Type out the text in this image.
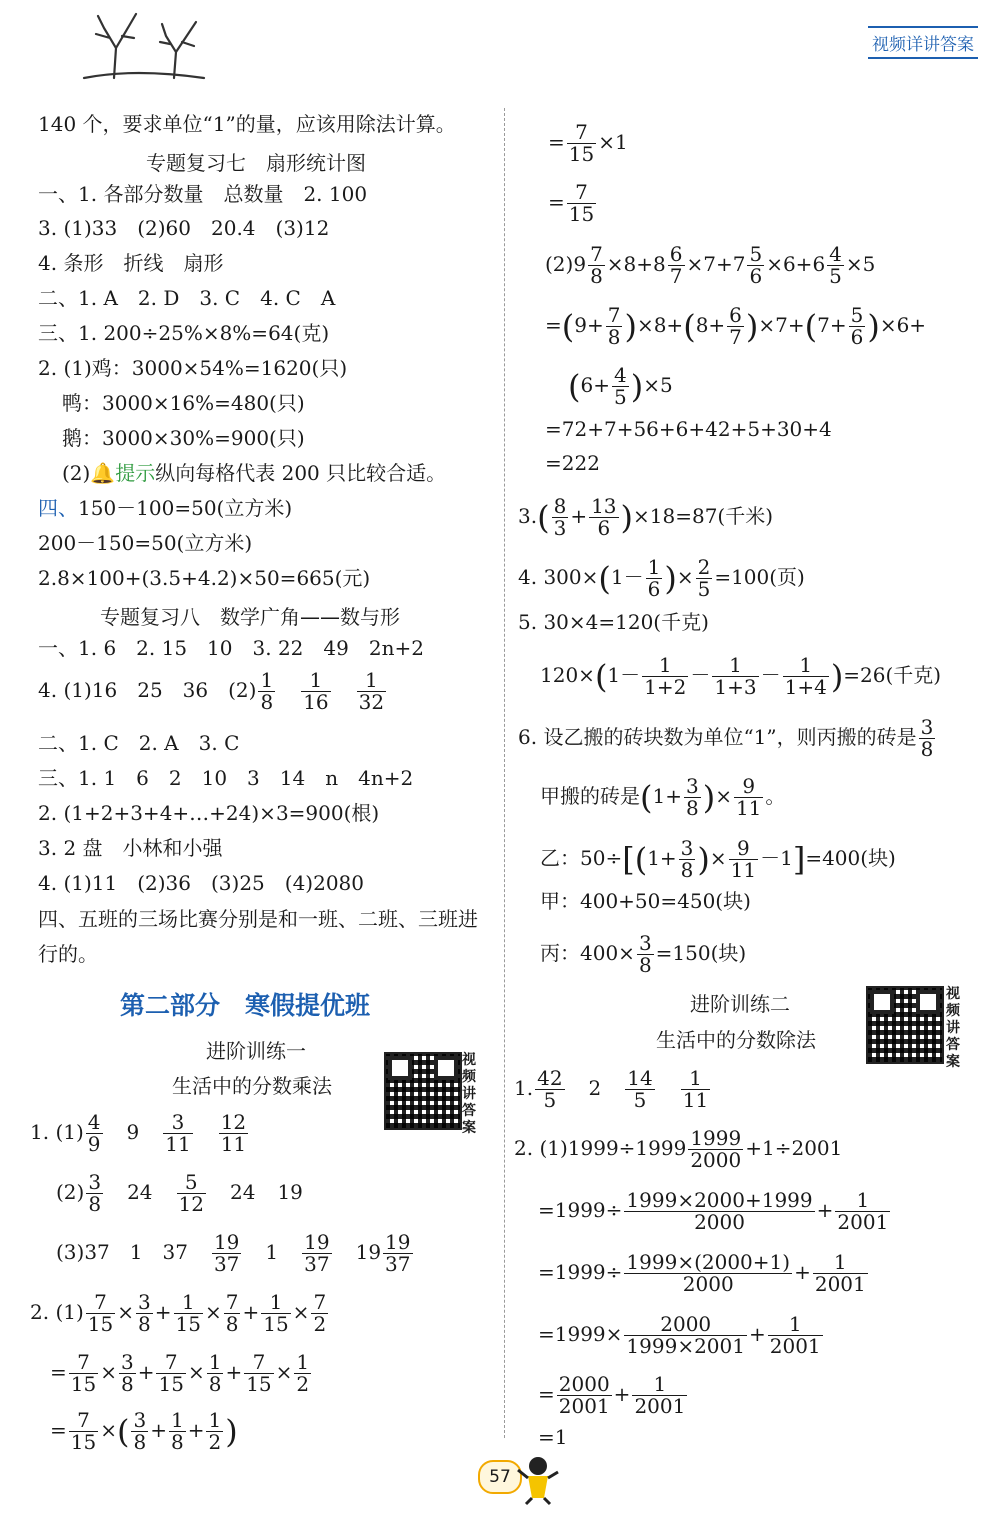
视频详讲答案
140 个，要求单位“1”的量，应该用除法计算。
专题复习七　扇形统计图
一、1. 各部分数量　总数量　2. 100
3. (1)33　(2)60　20.4　(3)12
4. 条形　折线　扇形
二、1. A　2. D　3. C　4. C　A
三、1. 200÷25%×8%=64(克)
2. (1)鸡：3000×54%=1620(只)
鸭：3000×16%=480(只)
鹅：3000×30%=900(只)
(2)🔔提示纵向每格代表 200 只比较合适。
四、150－100=50(立方米)
200－150=50(立方米)
2.8×100+(3.5+4.2)×50=665(元)
专题复习八　数学广角——数与形
一、1. 6　2. 15　10　3. 22　49　2n+2
4. (1)16　25　36　$(2) \frac{1}{8} \frac{1}{16} \frac{1}{32}$
二、1. C　2. A　3. C
三、1. 1　6　2　10　3　14　n　4n+2
2. (1+2+3+4+…+24)×3=900(根)
3. 2 盘　小林和小强
4. (1)11　(2)36　(3)25　(4)2080
四、五班的三场比赛分别是和一班、二班、三班进
行的。
第二部分　寒假提优班
进阶训练一
生活中的分数乘法
视
频
讲
答
案
1. $(1) \frac{4}{9} 9 \frac{3}{11} \frac{12}{11}$
$(2) \frac{3}{8} 24 \frac{5}{12} 24$ 19
(3)37　1　$37 \frac{19}{37} 1 \frac{19}{37} 19 \frac{19}{37}$
2. $(1) \frac{7}{15} \times \frac{3}{8} + \frac{1}{15} \times \frac{7}{8} + \frac{1}{15} \times \frac{7}{2}$
= $\frac{7}{15} \times \frac{3}{8} + \frac{7}{15} \times \frac{1}{8} + \frac{7}{15} \times \frac{1}{2}$
= $\frac{7}{15}$ ×( $\frac{3}{8} + \frac{1}{8} + \frac{1}{2}$ )
= $\frac{7}{15} \times 1$
= $\frac{7}{15}$
$(2)9 \frac{7}{8} \times 8+8 \frac{6}{7} \times 7+7 \frac{5}{6} \times 6+6 \frac{4}{5} \times 5$
$=(9+ \frac{7}{8} )\times 8+(8+ \frac{6}{7} )\times 7+(7+ \frac{5}{6} )\times 6+$
$(6+ \frac{4}{5} )\times 5$
=72+7+56+6+42+5+30+4
=222
$3.( \frac{8}{3} + \frac{13}{6} )\times 18=87$(千米)
4. $300\times(1- \frac{1}{6}$ )× $\frac{2}{5} =100$(页)
5. 30×4=120(千克)
$120\times(1- \frac{1}{1+2} - \frac{1}{1+3} - \frac{1}{1+4} )=26$(千克)
6. 设乙搬的砖块数为单位“1”，则丙搬的砖是 $\frac{3}{8}$
甲搬的砖是($1+ \frac{3}{8}$ )× $\frac{9}{11}$ 。
乙：$50\div[(1+ \frac{3}{8}$ )× $\frac{9}{11} -1]=400$(块)
甲：400+50=450(块)
丙：$400\times \frac{3}{8} =150$(块)
进阶训练二
生活中的分数除法
视
频
讲
答
案
1. $\frac{42}{5} 2 \frac{14}{5} \frac{1}{11}$
2. $(1)1999\div 1999 \frac{1999}{2000} +1\div 2001$
$=1999\div \frac{1999\times 2000+1999}{2000} + \frac{1}{2001}$
$=1999\div \frac{1999\times(2000+1)}{2000} + \frac{1}{2001}$
$=1999\times \frac{2000}{1999\times 2001} + \frac{1}{2001}$
= $\frac{2000}{2001} + \frac{1}{2001}$
=1
57
